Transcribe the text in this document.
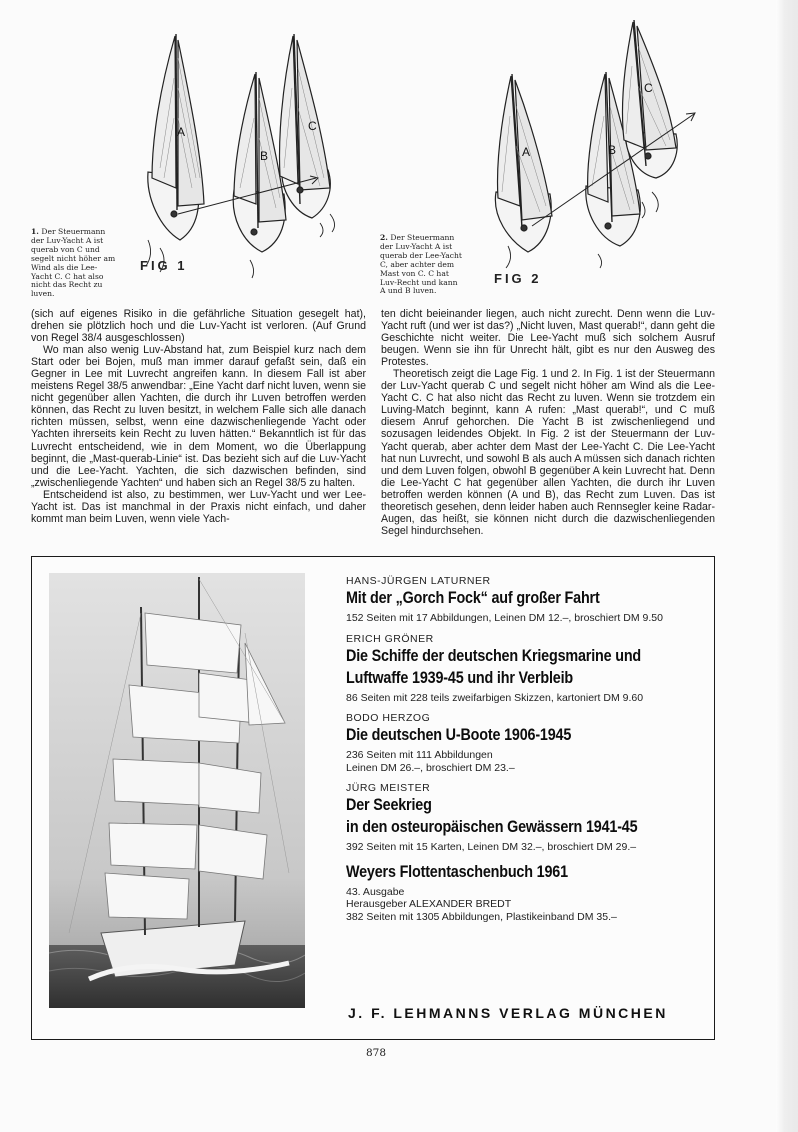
A
B
C

FIG 1

1. Der Steuermann
der Luv-Yacht A ist
querab von C und
segelt nicht höher am
Wind als die Lee-
Yacht C. C hat also
nicht das Recht zu
luven.
A	B
C

FIG 2

2. Der Steuermann
der Luv-Yacht A ist
querab der Lee-Yacht
C, aber achter dem
Mast von C. C hat
Luv-Recht und kann
A und B luven.

(sich auf eigenes Risiko in die gefährliche Situation gesegelt hat), drehen sie plötzlich hoch und die Luv-Yacht ist verloren. (Auf Grund von Regel 38/4 ausgeschlossen)

Wo man also wenig Luv-Abstand hat, zum Beispiel kurz nach dem Start oder bei Bojen, muß man immer darauf gefaßt sein, daß ein Gegner in Lee mit Luvrecht angreifen kann. In diesem Fall ist aber meistens Regel 38/5 anwendbar: „Eine Yacht darf nicht luven, wenn sie nicht gegenüber allen Yachten, die durch ihr Luven betroffen werden können, das Recht zu luven besitzt, in welchem Falle sich alle danach richten müssen, selbst, wenn eine dazwischenliegende Yacht oder Yachten ihrerseits kein Recht zu luven hätten.“ Bekanntlich ist für das Luvrecht entscheidend, wie in dem Moment, wo die Überlappung beginnt, die „Mast-querab-Linie“ ist. Das bezieht sich auf die Luv-Yacht und die Lee-Yacht. Yachten, die sich dazwischen befinden, sind „zwischenliegende Yachten“ und haben sich an Regel 38/5 zu halten.

Entscheidend ist also, zu bestimmen, wer Luv-Yacht und wer Lee-Yacht ist. Das ist manchmal in der Praxis nicht einfach, und daher kommt man beim Luven, wenn viele Yach-

ten dicht beieinander liegen, auch nicht zurecht. Denn wenn die Luv-Yacht ruft (und wer ist das?) „Nicht luven, Mast querab!“, dann geht die Geschichte nicht weiter. Die Lee-Yacht muß sich solchem Ausruf beugen. Wenn sie ihn für Unrecht hält, gibt es nur den Ausweg des Protestes.

Theoretisch zeigt die Lage Fig. 1 und 2. In Fig. 1 ist der Steuermann der Luv-Yacht querab C und segelt nicht höher am Wind als die Lee-Yacht C. C hat also nicht das Recht zu luven. Wenn sie trotzdem ein Luving-Match beginnt, kann A rufen: „Mast querab!“, und C muß diesem Anruf gehorchen. Die Yacht B ist zwischenliegend und sozusagen leidendes Objekt. In Fig. 2 ist der Steuermann der Luv-Yacht querab, aber achter dem Mast der Lee-Yacht C. Die Lee-Yacht hat nun Luvrecht, und sowohl B als auch A müssen sich danach richten und dem Luven folgen, obwohl B gegenüber A kein Luvrecht hat. Denn die Lee-Yacht C hat gegenüber allen Yachten, die durch ihr Luven betroffen werden können (A und B), das Recht zum Luven. Das ist theoretisch gesehen, denn leider haben auch Rennsegler keine Radar-Augen, das heißt, sie können nicht durch die dazwischenliegenden Segel hindurchsehen.

HANS-JÜRGEN LATURNER

Mit der „Gorch Fock“ auf großer Fahrt

152 Seiten mit 17 Abbildungen, Leinen DM 12.–, broschiert DM 9.50

ERICH GRÖNER

Die Schiffe der deutschen Kriegsmarine und

Luftwaffe 1939-45 und ihr Verbleib

86 Seiten mit 228 teils zweifarbigen Skizzen, kartoniert DM 9.60

BODO HERZOG

Die deutschen U-Boote 1906-1945

236 Seiten mit 111 Abbildungen

Leinen DM 26.–, broschiert DM 23.–

JÜRG MEISTER

Der Seekrieg

in den osteuropäischen Gewässern 1941-45

392 Seiten mit 15 Karten, Leinen DM 32.–, broschiert DM 29.–

Weyers Flottentaschenbuch 1961

43. Ausgabe

Herausgeber ALEXANDER BREDT

382 Seiten mit 1305 Abbildungen, Plastikeinband DM 35.–

J. F. LEHMANNS VERLAG MÜNCHEN

878
